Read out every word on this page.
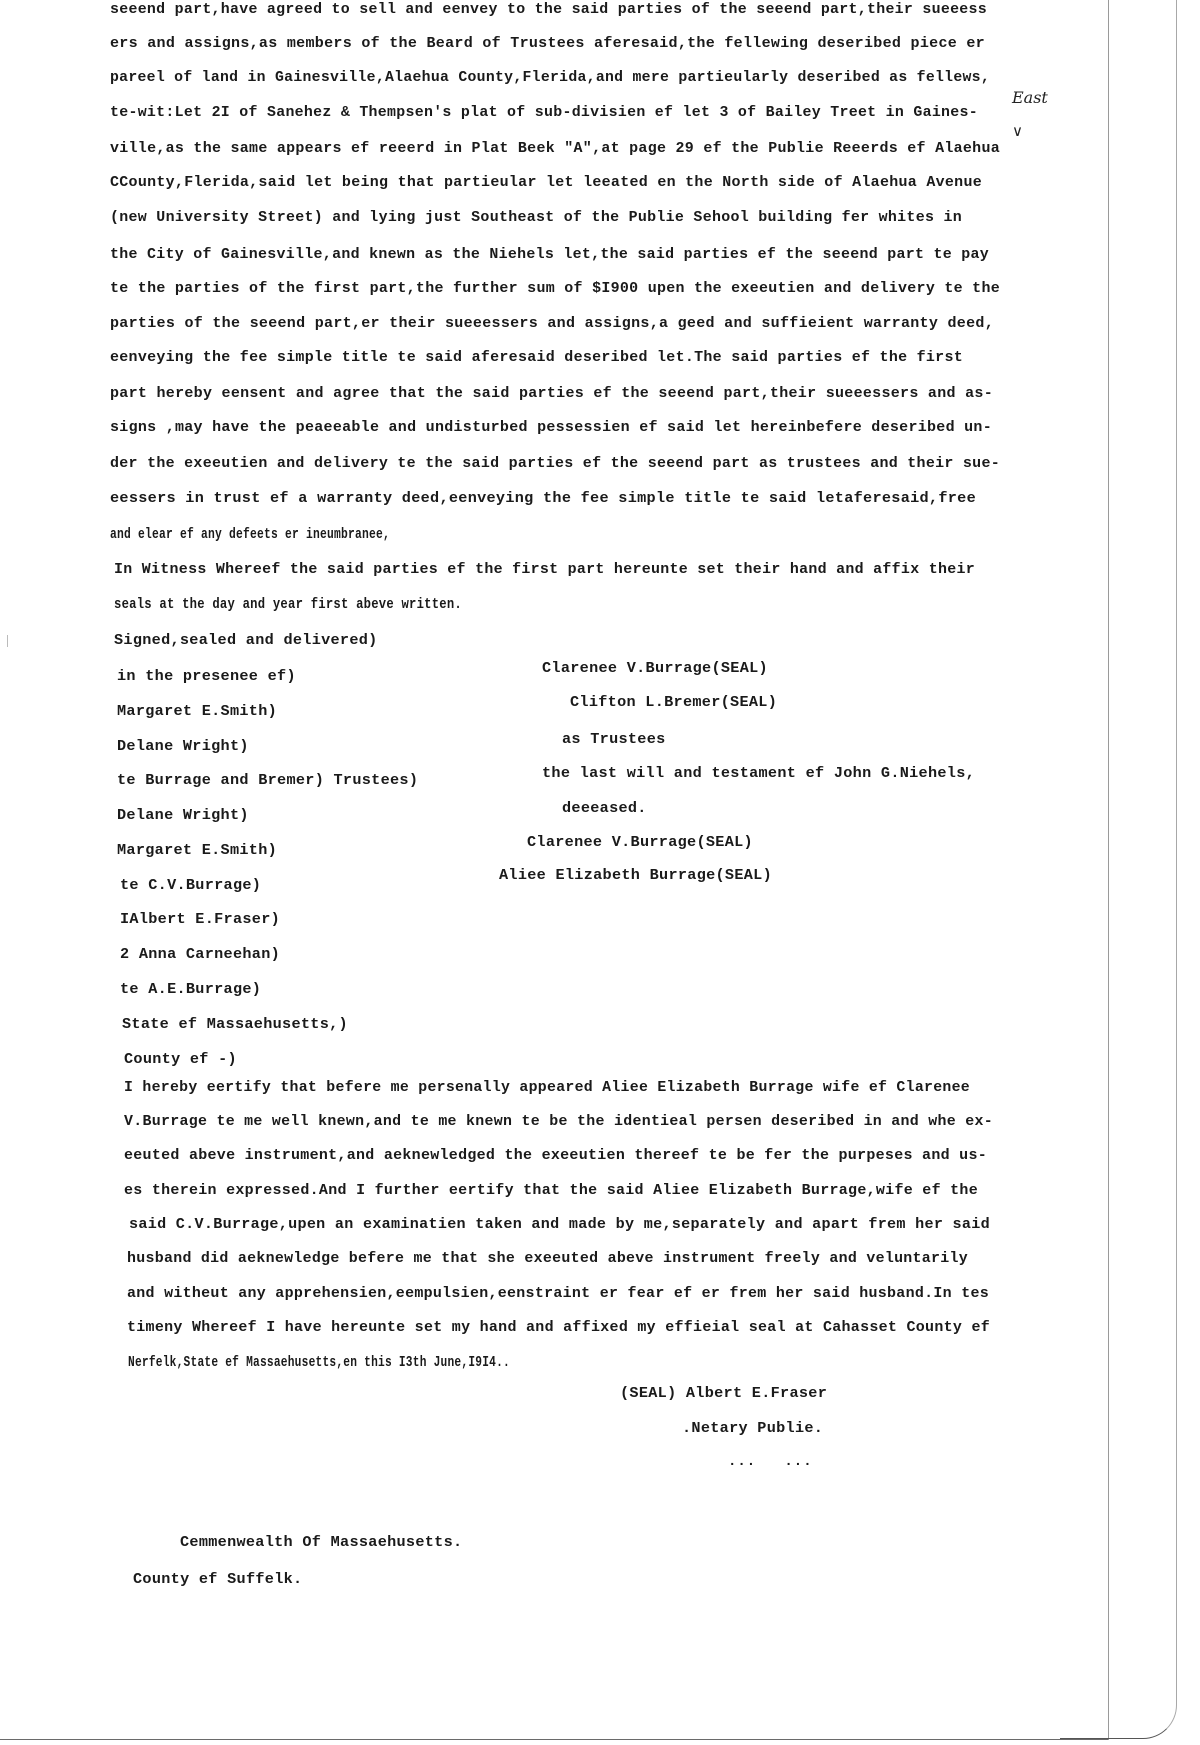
seeend part,have agreed to sell and eenvey to the said parties of the seeend part,their sueeess
ers and assigns,as members of the Beard of Trustees aferesaid,the fellewing deseribed piece er
pareel of land in Gainesville,Alaehua County,Flerida,and mere partieularly deseribed as fellews,
te-wit:Let 2I of Sanehez & Thempsen's plat of sub-divisien ef let 3 of Bailey Treet in Gaines-
ville,as the same appears ef reeerd in Plat Beek "A",at page 29 ef the Publie Reeerds ef Alaehua
CCounty,Flerida,said let being that partieular let leeated en the North side of Alaehua Avenue
(new University Street) and lying just Southeast of the Publie Sehool building fer whites in
the City of Gainesville,and knewn as the Niehels let,the said parties ef the seeend part te pay
te the parties of the first part,the further sum of $I900 upen the exeeutien and delivery te the
parties of the seeend part,er their sueeessers and assigns,a geed and suffieient warranty deed,
eenveying the fee simple title te said aferesaid deseribed let.The said parties ef the first
part hereby eensent and agree that the said parties ef the seeend part,their sueeessers and as-
signs ,may have the peaeeable and undisturbed pessessien ef said let hereinbefere deseribed un-
der the exeeutien and delivery te the said parties ef the seeend part as trustees and their sue-
eessers in trust ef a warranty deed,eenveying the fee simple title te said letaferesaid,free
and elear ef any defeets er ineumbranee,
In Witness Whereef the said parties ef the first part hereunte set their hand and affix their
seals at the day and year first abeve written.
East
∨
Signed,sealed and delivered)
in the presenee ef)
Margaret E.Smith)
Delane Wright)
te Burrage and Bremer) Trustees)
Delane Wright)
Margaret E.Smith)
te C.V.Burrage)
IAlbert E.Fraser)
2 Anna Carneehan)
te A.E.Burrage)
State ef Massaehusetts,)
County ef -)
Clarenee V.Burrage(SEAL)
Clifton L.Bremer(SEAL)
as Trustees
the last will and testament ef John G.Niehels,
deeeased.
Clarenee V.Burrage(SEAL)
Aliee Elizabeth Burrage(SEAL)
I hereby eertify that befere me persenally appeared Aliee Elizabeth Burrage wife ef Clarenee
V.Burrage te me well knewn,and te me knewn te be the identieal persen deseribed in and whe ex-
eeuted abeve instrument,and aeknewledged the exeeutien thereef te be fer the purpeses and us-
es therein expressed.And I further eertify that the said Aliee Elizabeth Burrage,wife ef the
said C.V.Burrage,upen an examinatien taken and made by me,separately and apart frem her said
husband did aeknewledge befere me that she exeeuted abeve instrument freely and veluntarily
and witheut any apprehensien,eempulsien,eenstraint er fear ef er frem her said husband.In tes
timeny Whereef I have hereunte set my hand and affixed my effieial seal at Cahasset County ef
Nerfelk,State ef Massaehusetts,en this I3th June,I9I4..
(SEAL) Albert E.Fraser
.Netary Publie.
...   ...
Cemmenwealth Of Massaehusetts.
County ef Suffelk.
